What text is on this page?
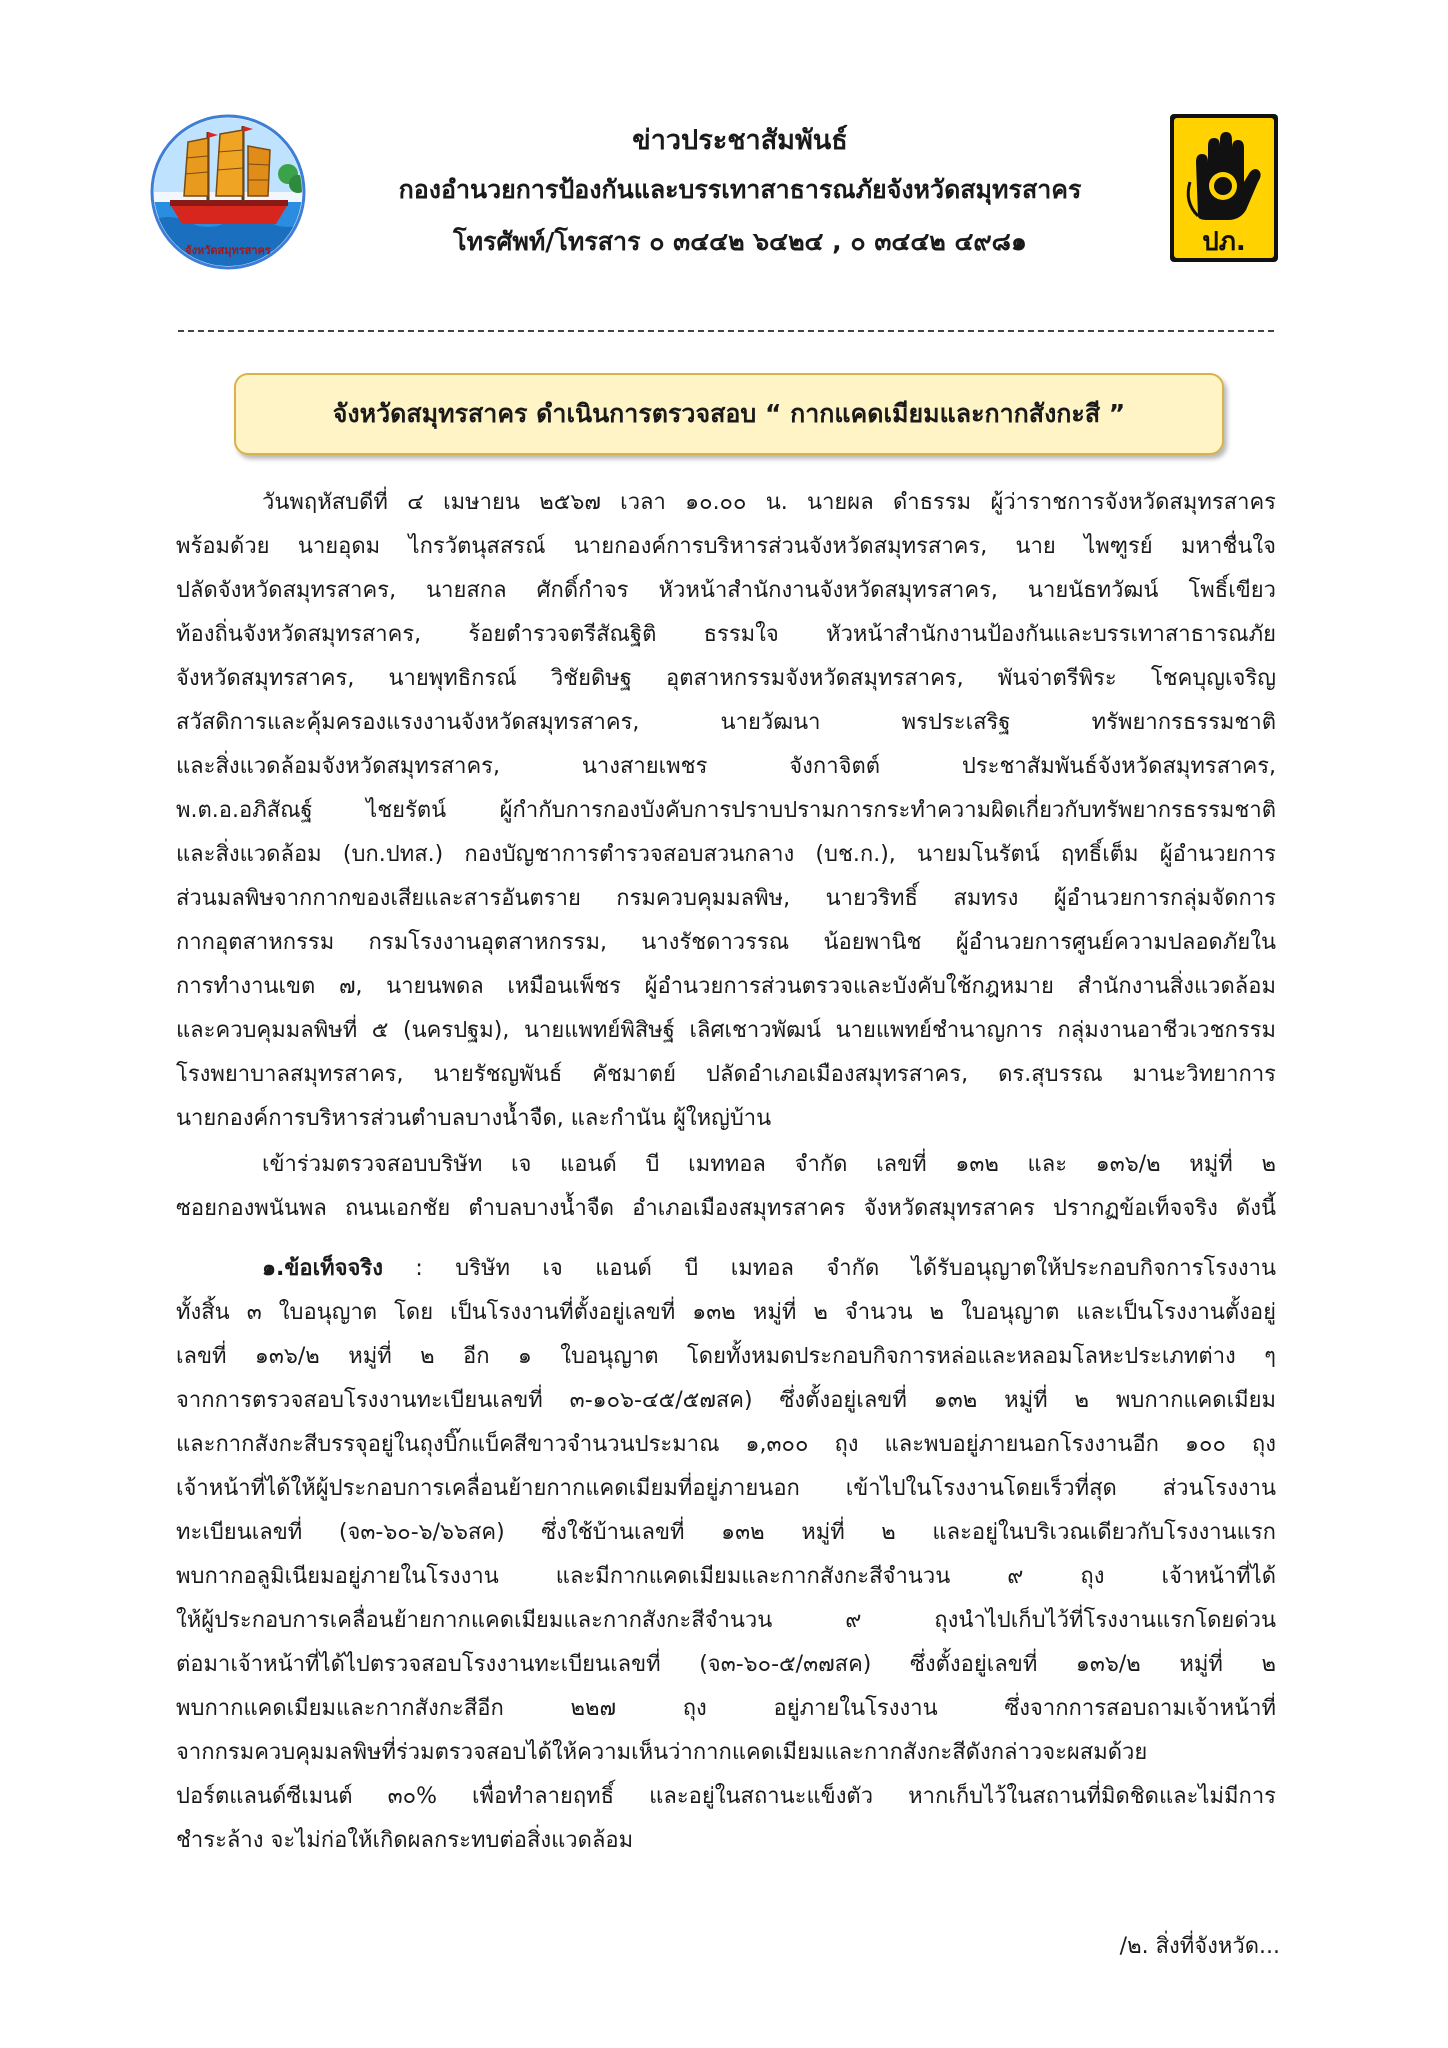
จังหวัดสมุทรสาคร
ข่าวประชาสัมพันธ์
กองอำนวยการป้องกันและบรรเทาสาธารณภัยจังหวัดสมุทรสาคร
โทรศัพท์/โทรสาร ๐ ๓๔๔๒ ๖๔๒๔ , ๐ ๓๔๔๒ ๔๙๘๑	ปภ.
จังหวัดสมุทรสาคร ดำเนินการตรวจสอบ “ กากแคดเมียมและกากสังกะสี ”
วันพฤหัสบดีที่ ๔ เมษายน ๒๕๖๗ เวลา ๑๐.๐๐ น. นายผล ดำธรรม ผู้ว่าราชการจังหวัดสมุทรสาคร
พร้อมด้วย นายอุดม ไกรวัตนุสสรณ์ นายกองค์การบริหารส่วนจังหวัดสมุทรสาคร, นาย ไพฑูรย์ มหาชื่นใจ
ปลัดจังหวัดสมุทรสาคร, นายสกล ศักดิ์กำจร หัวหน้าสำนักงานจังหวัดสมุทรสาคร, นายนัธทวัฒน์ โพธิ์เขียว
ท้องถิ่นจังหวัดสมุทรสาคร, ร้อยตำรวจตรีสัณฐิติ ธรรมใจ หัวหน้าสำนักงานป้องกันและบรรเทาสาธารณภัย
จังหวัดสมุทรสาคร, นายพุทธิกรณ์ วิชัยดิษฐ อุตสาหกรรมจังหวัดสมุทรสาคร, พันจ่าตรีพิระ โชคบุญเจริญ
สวัสดิการและคุ้มครองแรงงานจังหวัดสมุทรสาคร, นายวัฒนา พรประเสริฐ ทรัพยากรธรรมชาติ
และสิ่งแวดล้อมจังหวัดสมุทรสาคร, นางสายเพชร จังกาจิตต์ ประชาสัมพันธ์จังหวัดสมุทรสาคร,
พ.ต.อ.อภิสัณฐ์ ไชยรัตน์ ผู้กำกับการกองบังคับการปราบปรามการกระทำความผิดเกี่ยวกับทรัพยากรธรรมชาติ
และสิ่งแวดล้อม (บก.ปทส.) กองบัญชาการตำรวจสอบสวนกลาง (บช.ก.), นายมโนรัตน์ ฤทธิ์เต็ม ผู้อำนวยการ
ส่วนมลพิษจากกากของเสียและสารอันตราย กรมควบคุมมลพิษ, นายวริทธิ์ สมทรง ผู้อำนวยการกลุ่มจัดการ
กากอุตสาหกรรม กรมโรงงานอุตสาหกรรม, นางรัชดาวรรณ น้อยพานิช ผู้อำนวยการศูนย์ความปลอดภัยใน
การทำงานเขต ๗, นายนพดล เหมือนเพ็ชร ผู้อำนวยการส่วนตรวจและบังคับใช้กฎหมาย สำนักงานสิ่งแวดล้อม
และควบคุมมลพิษที่ ๕ (นครปฐม), นายแพทย์พิสิษฐ์ เลิศเชาวพัฒน์ นายแพทย์ชำนาญการ กลุ่มงานอาชีวเวชกรรม
โรงพยาบาลสมุทรสาคร, นายรัชญพันธ์ คัชมาตย์ ปลัดอำเภอเมืองสมุทรสาคร, ดร.สุบรรณ มานะวิทยาการ
นายกองค์การบริหารส่วนตำบลบางน้ำจืด, และกำนัน ผู้ใหญ่บ้าน
เข้าร่วมตรวจสอบบริษัท เจ แอนด์ บี เมททอล จำกัด เลขที่ ๑๓๒ และ ๑๓๖/๒ หมู่ที่ ๒
ซอยกองพนันพล ถนนเอกชัย ตำบลบางน้ำจืด อำเภอเมืองสมุทรสาคร จังหวัดสมุทรสาคร ปรากฏข้อเท็จจริง ดังนี้
๑.ข้อเท็จจริง : บริษัท เจ แอนด์ บี เมทอล จำกัด ได้รับอนุญาตให้ประกอบกิจการโรงงาน
ทั้งสิ้น ๓ ใบอนุญาต โดย เป็นโรงงานที่ตั้งอยู่เลขที่ ๑๓๒ หมู่ที่ ๒ จำนวน ๒ ใบอนุญาต และเป็นโรงงานตั้งอยู่
เลขที่ ๑๓๖/๒ หมู่ที่ ๒ อีก ๑ ใบอนุญาต โดยทั้งหมดประกอบกิจการหล่อและหลอมโลหะประเภทต่าง ๆ
จากการตรวจสอบโรงงานทะเบียนเลขที่ ๓-๑๐๖-๔๕/๕๗สค) ซึ่งตั้งอยู่เลขที่ ๑๓๒ หมู่ที่ ๒ พบกากแคดเมียม
และกากสังกะสีบรรจุอยู่ในถุงบิ๊กแบ็คสีขาวจำนวนประมาณ ๑,๓๐๐ ถุง และพบอยู่ภายนอกโรงงานอีก ๑๐๐ ถุง
เจ้าหน้าที่ได้ให้ผู้ประกอบการเคลื่อนย้ายกากแคดเมียมที่อยู่ภายนอก เข้าไปในโรงงานโดยเร็วที่สุด ส่วนโรงงาน
ทะเบียนเลขที่ (จ๓-๖๐-๖/๖๖สค) ซึ่งใช้บ้านเลขที่ ๑๓๒ หมู่ที่ ๒ และอยู่ในบริเวณเดียวกับโรงงานแรก
พบกากอลูมิเนียมอยู่ภายในโรงงาน และมีกากแคดเมียมและกากสังกะสีจำนวน ๙ ถุง เจ้าหน้าที่ได้
ให้ผู้ประกอบการเคลื่อนย้ายกากแคดเมียมและกากสังกะสีจำนวน ๙ ถุงนำไปเก็บไว้ที่โรงงานแรกโดยด่วน
ต่อมาเจ้าหน้าที่ได้ไปตรวจสอบโรงงานทะเบียนเลขที่ (จ๓-๖๐-๕/๓๗สค) ซึ่งตั้งอยู่เลขที่ ๑๓๖/๒ หมู่ที่ ๒
พบกากแคดเมียมและกากสังกะสีอีก ๒๒๗ ถุง อยู่ภายในโรงงาน ซึ่งจากการสอบถามเจ้าหน้าที่
จากกรมควบคุมมลพิษที่ร่วมตรวจสอบได้ให้ความเห็นว่ากากแคดเมียมและกากสังกะสีดังกล่าวจะผสมด้วย
ปอร์ตแลนด์ซีเมนต์ ๓๐% เพื่อทำลายฤทธิ์ และอยู่ในสถานะแข็งตัว หากเก็บไว้ในสถานที่มิดชิดและไม่มีการ
ชำระล้าง จะไม่ก่อให้เกิดผลกระทบต่อสิ่งแวดล้อม
/๒. สิ่งที่จังหวัด...
